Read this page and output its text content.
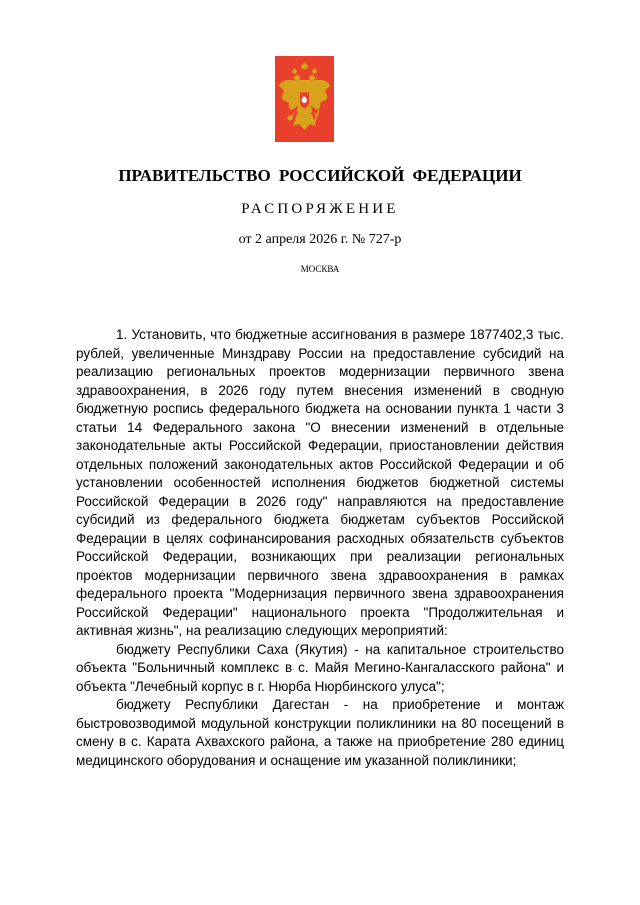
ПРАВИТЕЛЬСТВО РОССИЙСКОЙ ФЕДЕРАЦИИ
РАСПОРЯЖЕНИЕ
от 2 апреля 2026 г. № 727-р
МОСКВА

1. Установить, что бюджетные ассигнования в размере 1877402,3 тыс. рублей, увеличенные Минздраву России на предоставление субсидий на реализацию региональных проектов модернизации первичного звена здравоохранения, в 2026 году путем внесения изменений в сводную бюджетную роспись федерального бюджета на основании пункта 1 части 3 статьи 14 Федерального закона "О внесении изменений в отдельные законодательные акты Российской Федерации, приостановлении действия отдельных положений законодательных актов Российской Федерации и об установлении особенностей исполнения бюджетов бюджетной системы Российской Федерации в 2026 году" направляются на предоставление субсидий из федерального бюджета бюджетам субъектов Российской Федерации в целях софинансирования расходных обязательств субъектов Российской Федерации, возникающих при реализации региональных проектов модернизации первичного звена здравоохранения в рамках федерального проекта "Модернизация первичного звена здравоохранения Российской Федерации" национального проекта "Продолжительная и активная жизнь", на реализацию следующих мероприятий:

бюджету Республики Саха (Якутия) - на капитальное строительство объекта "Больничный комплекс в с. Майя Мегино-Кангаласского района" и объекта "Лечебный корпус в г. Нюрба Нюрбинского улуса";

бюджету Республики Дагестан - на приобретение и монтаж быстровозводимой модульной конструкции поликлиники на 80 посещений в смену в с. Карата Ахвахского района, а также на приобретение 280 единиц медицинского оборудования и оснащение им указанной поликлиники;
